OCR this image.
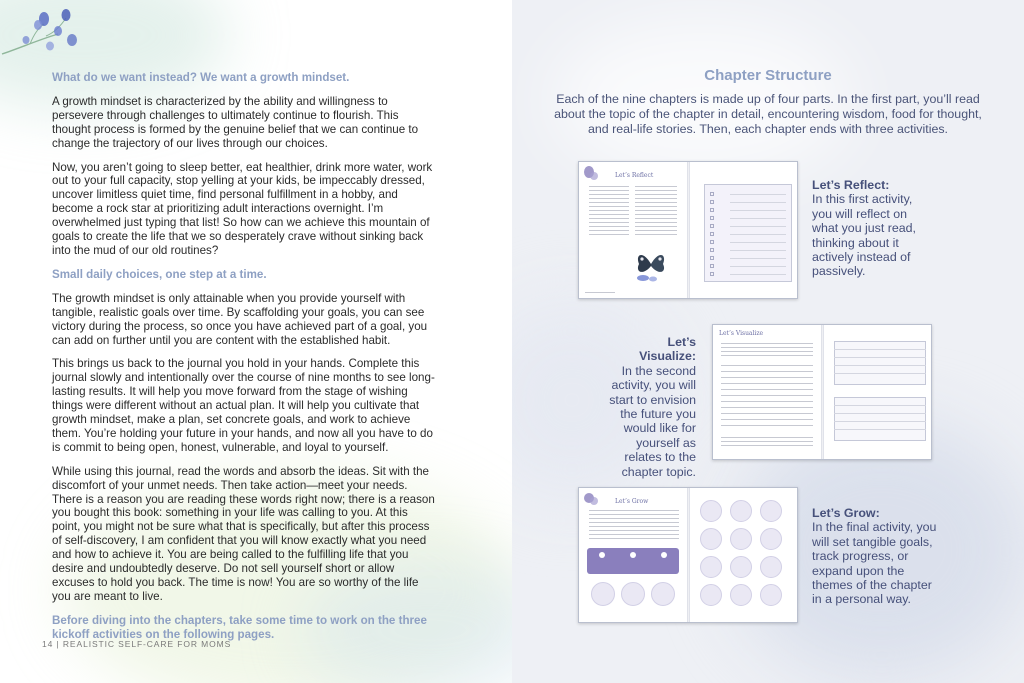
What do we want instead? We want a growth mindset.

A growth mindset is characterized by the ability and willingness to persevere through challenges to ultimately continue to flourish. This thought process is formed by the genuine belief that we can continue to change the trajectory of our lives through our choices.

Now, you aren’t going to sleep better, eat healthier, drink more water, work out to your full capacity, stop yelling at your kids, be impeccably dressed, uncover limitless quiet time, find personal fulfillment in a hobby, and become a rock star at prioritizing adult interactions overnight. I’m overwhelmed just typing that list! So how can we achieve this mountain of goals to create the life that we so desperately crave without sinking back into the mud of our old routines?

Small daily choices, one step at a time.

The growth mindset is only attainable when you provide yourself with tangible, realistic goals over time. By scaffolding your goals, you can see victory during the process, so once you have achieved part of a goal, you can add on further until you are content with the established habit.

This brings us back to the journal you hold in your hands. Complete this journal slowly and intentionally over the course of nine months to see long-lasting results. It will help you move forward from the stage of wishing things were different without an actual plan. It will help you cultivate that growth mindset, make a plan, set concrete goals, and work to achieve them. You’re holding your future in your hands, and now all you have to do is commit to being open, honest, vulnerable, and loyal to yourself.

While using this journal, read the words and absorb the ideas. Sit with the discomfort of your unmet needs. Then take action—meet your needs. There is a reason you are reading these words right now; there is a reason you bought this book: something in your life was calling to you. At this point, you might not be sure what that is specifically, but after this process of self-discovery, I am confident that you will know exactly what you need and how to achieve it. You are being called to the fulfilling life that you desire and undoubtedly deserve. Do not sell yourself short or allow excuses to hold you back. The time is now! You are so worthy of the life you are meant to live.

Before diving into the chapters, take some time to work on the three kickoff activities on the following pages.
14 | REALISTIC SELF-CARE FOR MOMS
Chapter Structure
Each of the nine chapters is made up of four parts. In the first part, you’ll read about the topic of the chapter in detail, encountering wisdom, food for thought, and real-life stories. Then, each chapter ends with three activities.
Let’s Reflect
Let’s Reflect:
In this first activity, you will reflect on what you just read, thinking about it actively instead of passively.
Let’s Visualize:
In the second activity, you will start to envision the future you would like for yourself as relates to the chapter topic.
Let’s Visualize
Let’s Grow
Let’s Grow:
In the final activity, you will set tangible goals, track progress, or expand upon the themes of the chapter in a personal way.
